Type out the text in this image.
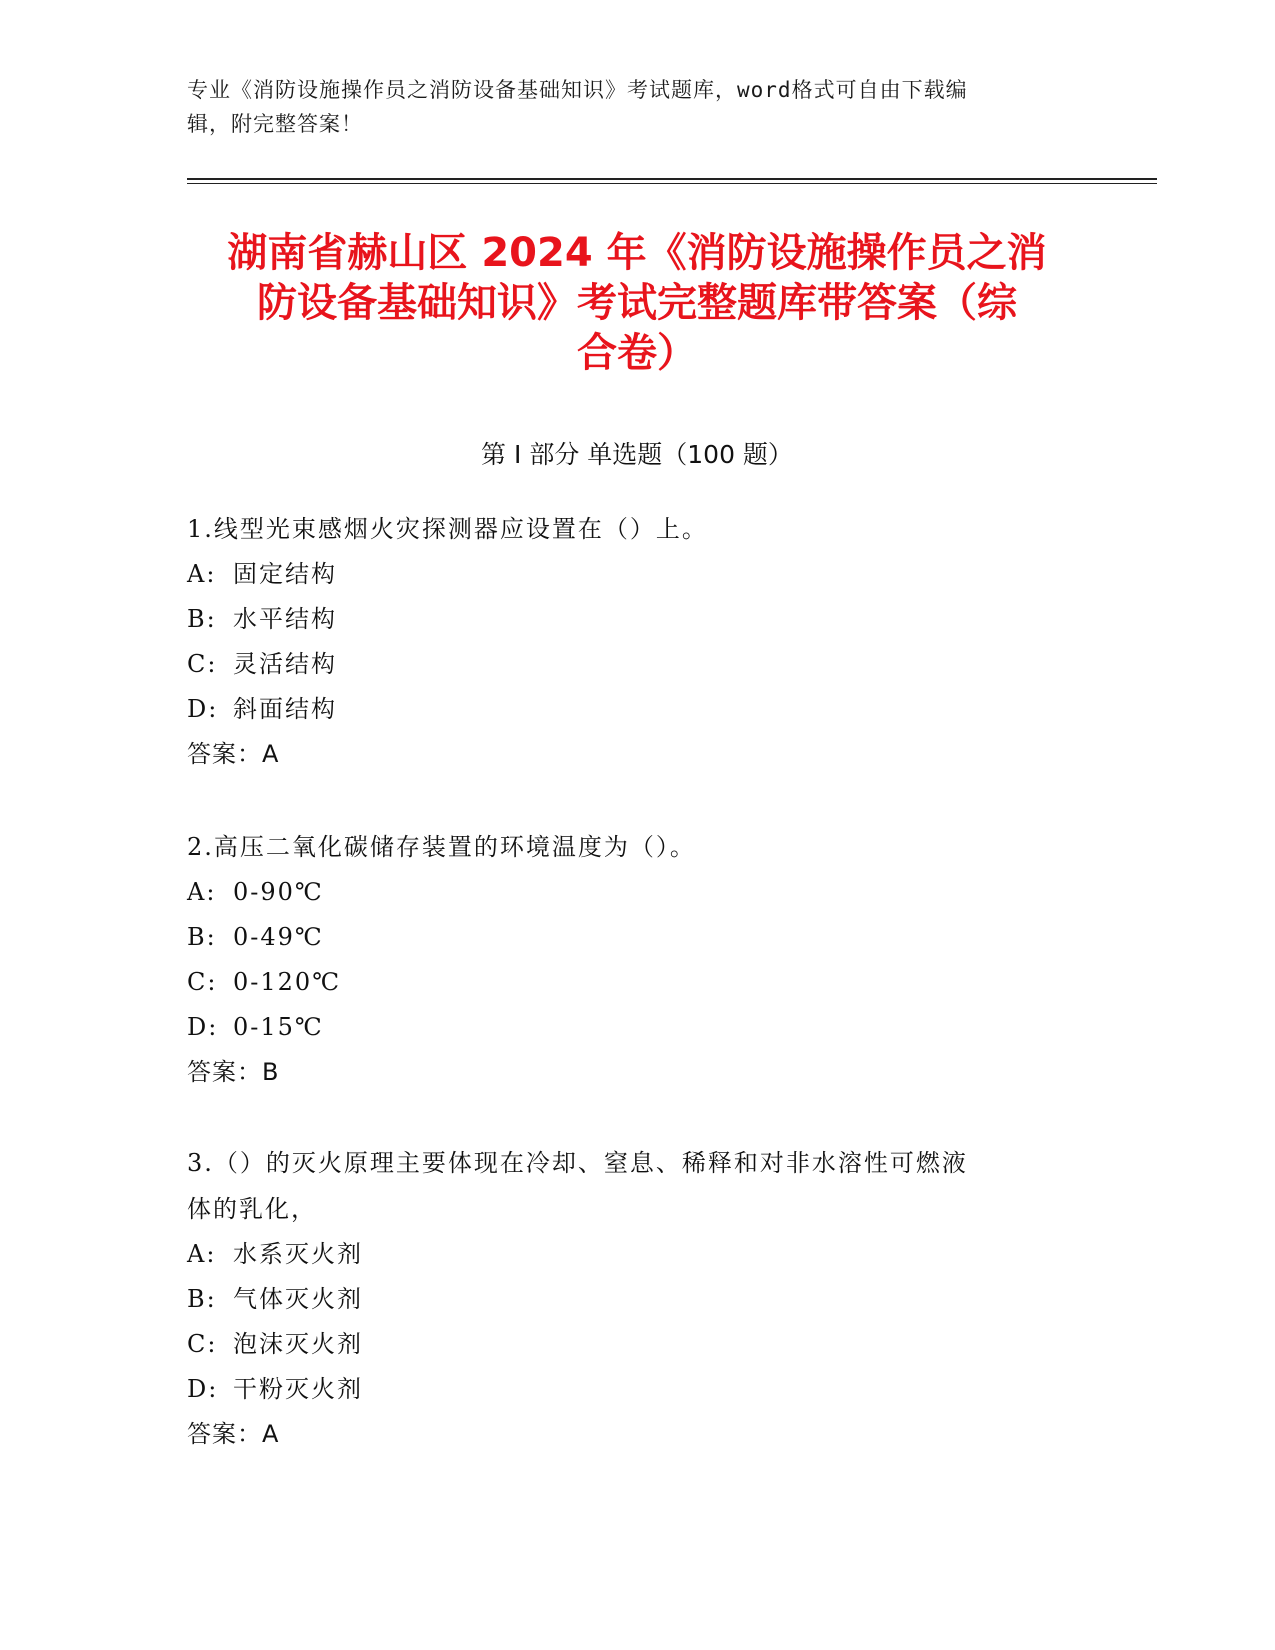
专业《消防设施操作员之消防设备基础知识》考试题库，word格式可自由下载编
辑，附完整答案！
湖南省赫山区 2024 年《消防设施操作员之消
防设备基础知识》考试完整题库带答案（综
合卷）
第 I 部分 单选题（100 题）
1.线型光束感烟火灾探测器应设置在（）上。
A: 固定结构
B: 水平结构
C: 灵活结构
D: 斜面结构
答案：A
2.高压二氧化碳储存装置的环境温度为（）。
A: 0-90℃
B: 0-49℃
C: 0-120℃
D: 0-15℃
答案：B
3.（）的灭火原理主要体现在冷却、窒息、稀释和对非水溶性可燃液
体的乳化，
A: 水系灭火剂
B: 气体灭火剂
C: 泡沫灭火剂
D: 干粉灭火剂
答案：A
